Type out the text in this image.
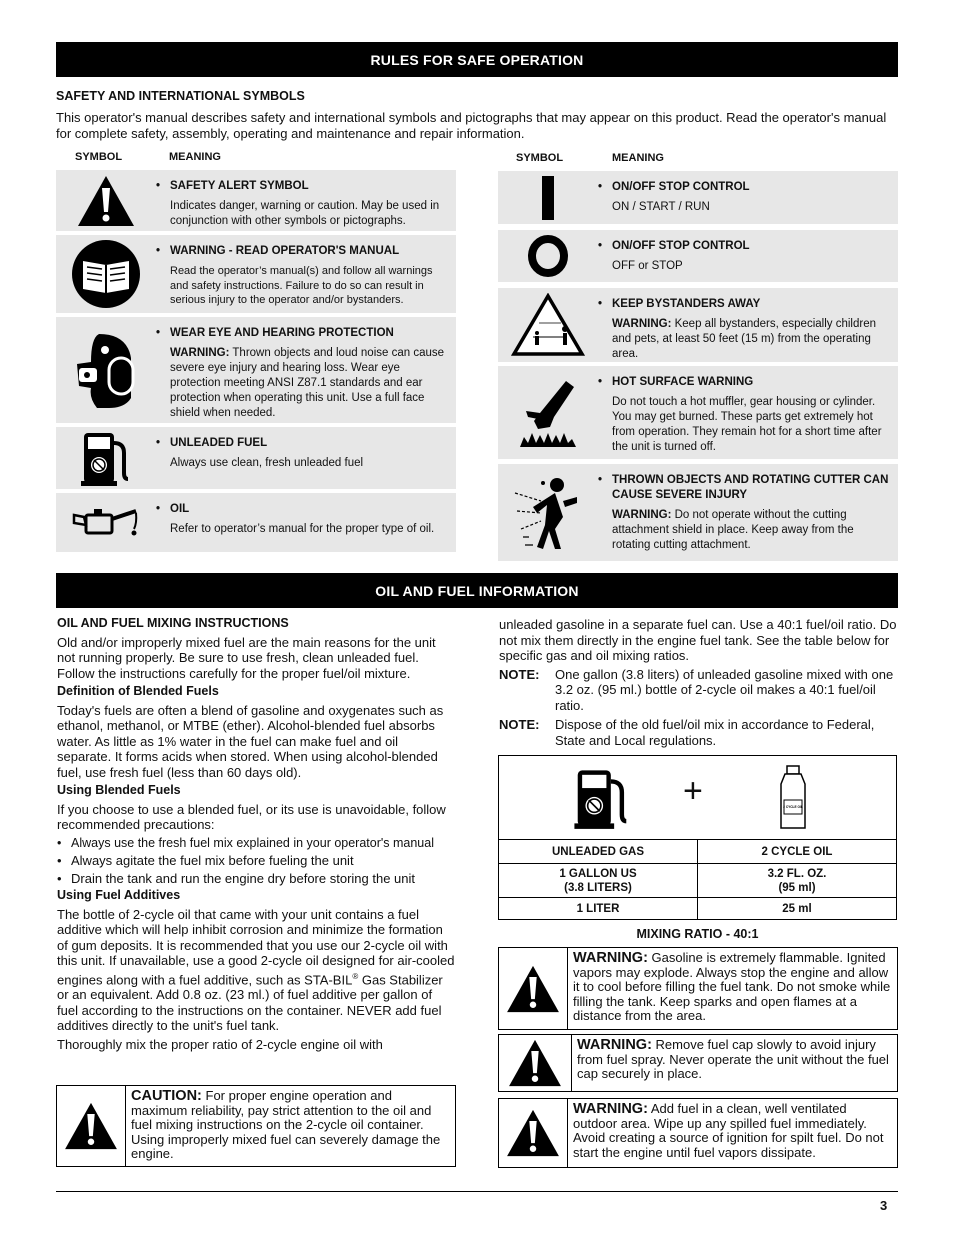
RULES FOR SAFE OPERATION
SAFETY AND INTERNATIONAL SYMBOLS
This operator's manual describes safety and international symbols and pictographs that may appear on this product. Read the operator's manual for complete safety, assembly, operating and maintenance and repair information.
SYMBOL	MEANING	SYMBOL	MEANING
• SAFETY ALERT SYMBOL
Indicates danger, warning or caution. May be used in conjunction with other symbols or pictographs.
• WARNING - READ OPERATOR'S MANUAL
Read the operator’s manual(s) and follow all warnings and safety instructions. Failure to do so can result in serious injury to the operator and/or bystanders.
• WEAR EYE AND HEARING PROTECTION
WARNING: Thrown objects and loud noise can cause severe eye injury and hearing loss. Wear eye protection meeting ANSI Z87.1 standards and ear protection when operating this unit. Use a full face shield when needed.
• UNLEADED FUEL
Always use clean, fresh unleaded fuel
• OIL
Refer to operator’s manual for the proper type of oil.
• ON/OFF STOP CONTROL
ON / START / RUN
• ON/OFF STOP CONTROL
OFF or STOP
• KEEP BYSTANDERS AWAY
WARNING: Keep all bystanders, especially children and pets, at least 50 feet (15 m) from the operating area.
• HOT SURFACE WARNING
Do not touch a hot muffler, gear housing or cylinder. You may get burned. These parts get extremely hot from operation. They remain hot for a short time after the unit is turned off.
• THROWN OBJECTS AND ROTATING CUTTER CAN CAUSE SEVERE INJURY
WARNING: Do not operate without the cutting attachment shield in place. Keep away from the rotating cutting attachment.
OIL AND FUEL INFORMATION
OIL AND FUEL MIXING INSTRUCTIONS

Old and/or improperly mixed fuel are the main reasons for the unit not running properly. Be sure to use fresh, clean unleaded fuel. Follow the instructions carefully for the proper fuel/oil mixture.

Definition of Blended Fuels

Today's fuels are often a blend of gasoline and oxygenates such as ethanol, methanol, or MTBE (ether). Alcohol-blended fuel absorbs water. As little as 1% water in the fuel can make fuel and oil separate. It forms acids when stored. When using alcohol-blended fuel, use fresh fuel (less than 60 days old).

Using Blended Fuels

If you choose to use a blended fuel, or its use is unavoidable, follow recommended precautions:

• Always use the fresh fuel mix explained in your operator's manual
• Always agitate the fuel mix before fueling the unit
• Drain the tank and run the engine dry before storing the unit
Using Fuel Additives

The bottle of 2-cycle oil that came with your unit contains a fuel additive which will help inhibit corrosion and minimize the formation of gum deposits. It is recommended that you use our 2-cycle oil with this unit. If unavailable, use a good 2-cycle oil designed for air-cooled engines along with a fuel additive, such as STA-BIL® Gas Stabilizer or an equivalent. Add 0.8 oz. (23 ml.) of fuel additive per gallon of fuel according to the instructions on the container. NEVER add fuel additives directly to the unit's fuel tank.

Thoroughly mix the proper ratio of 2-cycle engine oil with

CAUTION: For proper engine operation and maximum reliability, pay strict attention to the oil and fuel mixing instructions on the 2-cycle oil container. Using improperly mixed fuel can severely damage the engine.

unleaded gasoline in a separate fuel can. Use a 40:1 fuel/oil ratio. Do not mix them directly in the engine fuel tank. See the table below for specific gas and oil mixing ratios.

NOTE:	One gallon (3.8 liters) of unleaded gasoline mixed with one 3.2 oz. (95 ml.) bottle of 2-cycle oil makes a 40:1 fuel/oil ratio.
NOTE:	Dispose of the old fuel/oil mix in accordance to Federal, State and Local regulations.
+ 2 CYCLE OIL	

UNLEADED GAS	2 CYCLE OIL
1 GALLON US
(3.8 LITERS)	3.2 FL. OZ.
(95 ml)
1 LITER	25 ml
MIXING RATIO - 40:1
WARNING: Gasoline is extremely flammable. Ignited vapors may explode. Always stop the engine and allow it to cool before filling the fuel tank. Do not smoke while filling the tank. Keep sparks and open flames at a distance from the area.
WARNING: Remove fuel cap slowly to avoid injury from fuel spray. Never operate the unit without the fuel cap securely in place.
WARNING: Add fuel in a clean, well ventilated outdoor area. Wipe up any spilled fuel immediately. Avoid creating a source of ignition for spilt fuel. Do not start the engine until fuel vapors dissipate.
3
